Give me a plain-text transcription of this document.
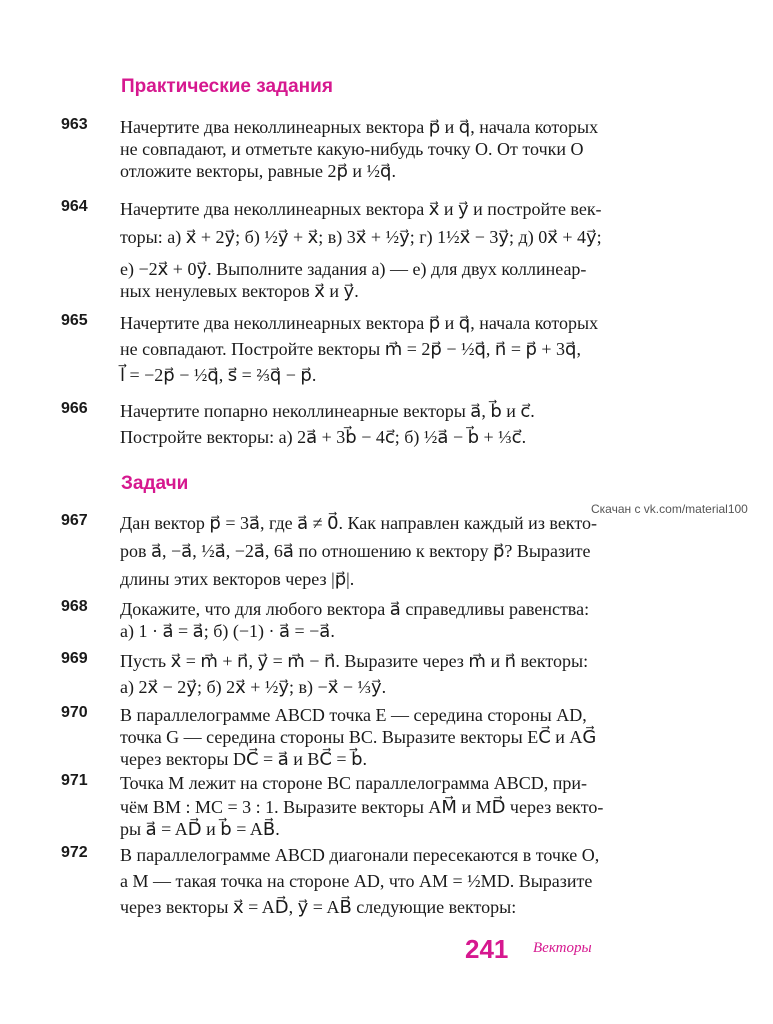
Практические задания
963 Начертите два неколлинеарных вектора p⃗ и q⃗, начала которых
не совпадают, и отметьте какую-нибудь точку O. От точки O
отложите векторы, равные 2p⃗ и ½q⃗.
964 Начертите два неколлинеарных вектора x⃗ и y⃗ и постройте век-
торы: а) x⃗ + 2y⃗; б) ½y⃗ + x⃗; в) 3x⃗ + ½y⃗; г) 1½x⃗ − 3y⃗; д) 0x⃗ + 4y⃗;
е) −2x⃗ + 0y⃗. Выполните задания а) — е) для двух коллинеар-
ных ненулевых векторов x⃗ и y⃗.
965 Начертите два неколлинеарных вектора p⃗ и q⃗, начала которых
не совпадают. Постройте векторы m⃗ = 2p⃗ − ½q⃗, n⃗ = p⃗ + 3q⃗,
l⃗ = −2p⃗ − ½q⃗, s⃗ = ⅔q⃗ − p⃗.
966 Начертите попарно неколлинеарные векторы a⃗, b⃗ и c⃗.
Постройте векторы: а) 2a⃗ + 3b⃗ − 4c⃗; б) ½a⃗ − b⃗ + ⅓c⃗.
Задачи
Скачан с vk.com/material100
967 Дан вектор p⃗ = 3a⃗, где a⃗ ≠ 0⃗. Как направлен каждый из векто-
ров a⃗, −a⃗, ½a⃗, −2a⃗, 6a⃗ по отношению к вектору p⃗? Выразите
длины этих векторов через |p⃗|.
968 Докажите, что для любого вектора a⃗ справедливы равенства:
а) 1 · a⃗ = a⃗; б) (−1) · a⃗ = −a⃗.
969 Пусть x⃗ = m⃗ + n⃗, y⃗ = m⃗ − n⃗. Выразите через m⃗ и n⃗ векторы:
а) 2x⃗ − 2y⃗; б) 2x⃗ + ½y⃗; в) −x⃗ − ⅓y⃗.
970 В параллелограмме ABCD точка E — середина стороны AD,
точка G — середина стороны BC. Выразите векторы EC⃗ и AG⃗
через векторы DC⃗ = a⃗ и BC⃗ = b⃗.
971 Точка M лежит на стороне BC параллелограмма ABCD, при-
чём BM : MC = 3 : 1. Выразите векторы AM⃗ и MD⃗ через векто-
ры a⃗ = AD⃗ и b⃗ = AB⃗.
972 В параллелограмме ABCD диагонали пересекаются в точке O,
а M — такая точка на стороне AD, что AM = ½MD. Выразите
через векторы x⃗ = AD⃗, y⃗ = AB⃗ следующие векторы:
241 Векторы
